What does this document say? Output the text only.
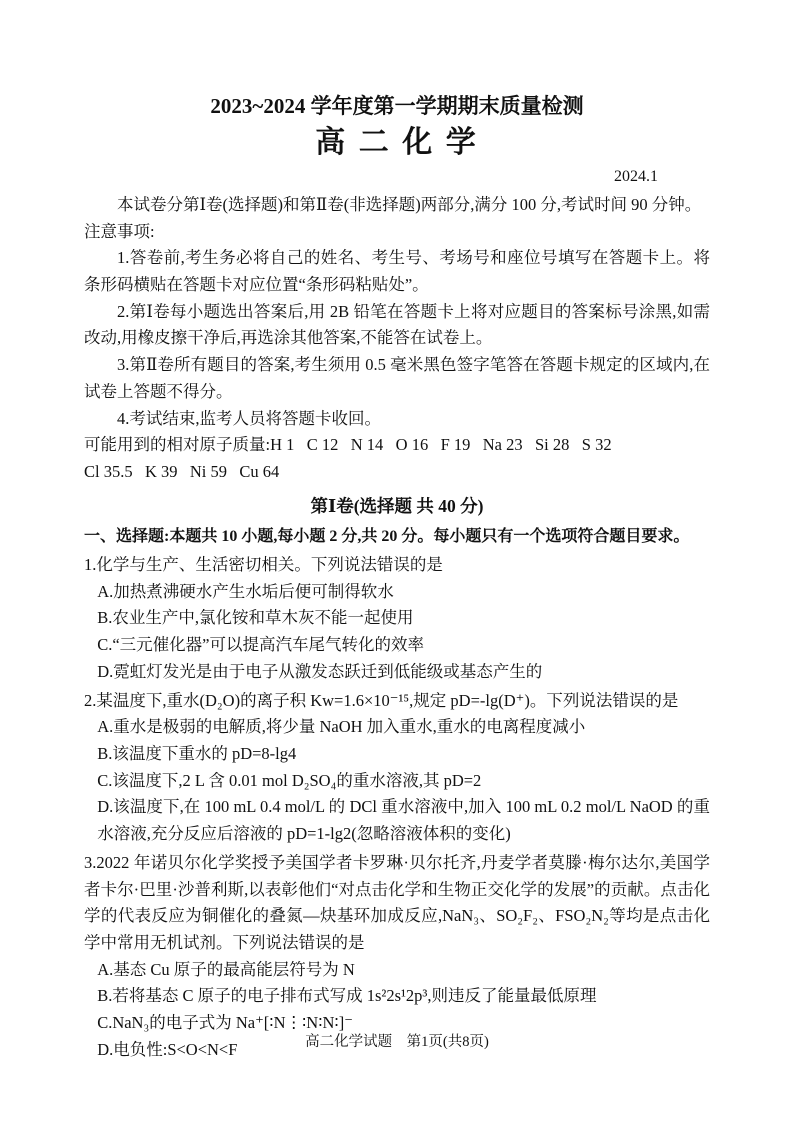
2023~2024 学年度第一学期期末质量检测
高 二 化 学
2024.1

本试卷分第Ⅰ卷(选择题)和第Ⅱ卷(非选择题)两部分,满分 100 分,考试时间 90 分钟。

注意事项:

1.答卷前,考生务必将自己的姓名、考生号、考场号和座位号填写在答题卡上。将条形码横贴在答题卡对应位置“条形码粘贴处”。

2.第Ⅰ卷每小题选出答案后,用 2B 铅笔在答题卡上将对应题目的答案标号涂黑,如需改动,用橡皮擦干净后,再选涂其他答案,不能答在试卷上。

3.第Ⅱ卷所有题目的答案,考生须用 0.5 毫米黑色签字笔答在答题卡规定的区域内,在试卷上答题不得分。

4.考试结束,监考人员将答题卡收回。

可能用到的相对原子质量:H 1   C 12   N 14   O 16   F 19   Na 23   Si 28   S 32

Cl 35.5   K 39   Ni 59   Cu 64

第Ⅰ卷(选择题 共 40 分)

一、选择题:本题共 10 小题,每小题 2 分,共 20 分。每小题只有一个选项符合题目要求。

1.化学与生产、生活密切相关。下列说法错误的是

A.加热煮沸硬水产生水垢后便可制得软水

B.农业生产中,氯化铵和草木灰不能一起使用

C.“三元催化器”可以提高汽车尾气转化的效率

D.霓虹灯发光是由于电子从激发态跃迁到低能级或基态产生的

2.某温度下,重水(D₂O)的离子积 Kw=1.6×10⁻¹⁵,规定 pD=-lg(D⁺)。下列说法错误的是

A.重水是极弱的电解质,将少量 NaOH 加入重水,重水的电离程度减小

B.该温度下重水的 pD=8-lg4

C.该温度下,2 L 含 0.01 mol D₂SO₄的重水溶液,其 pD=2

D.该温度下,在 100 mL 0.4 mol/L 的 DCl 重水溶液中,加入 100 mL 0.2 mol/L NaOD 的重水溶液,充分反应后溶液的 pD=1-lg2(忽略溶液体积的变化)

3.2022 年诺贝尔化学奖授予美国学者卡罗琳·贝尔托齐,丹麦学者莫滕·梅尔达尔,美国学者卡尔·巴里·沙普利斯,以表彰他们“对点击化学和生物正交化学的发展”的贡献。点击化学的代表反应为铜催化的叠氮—炔基环加成反应,NaN₃、SO₂F₂、FSO₂N₂等均是点击化学中常用无机试剂。下列说法错误的是

A.基态 Cu 原子的最高能层符号为 N

B.若将基态 C 原子的电子排布式写成 1s²2s¹2p³,则违反了能量最低原理

C.NaN₃的电子式为 Na⁺[∶N⋮∶N∶N∶]⁻

D.电负性:S<O<N<F	高二化学试题    第1页(共8页)
